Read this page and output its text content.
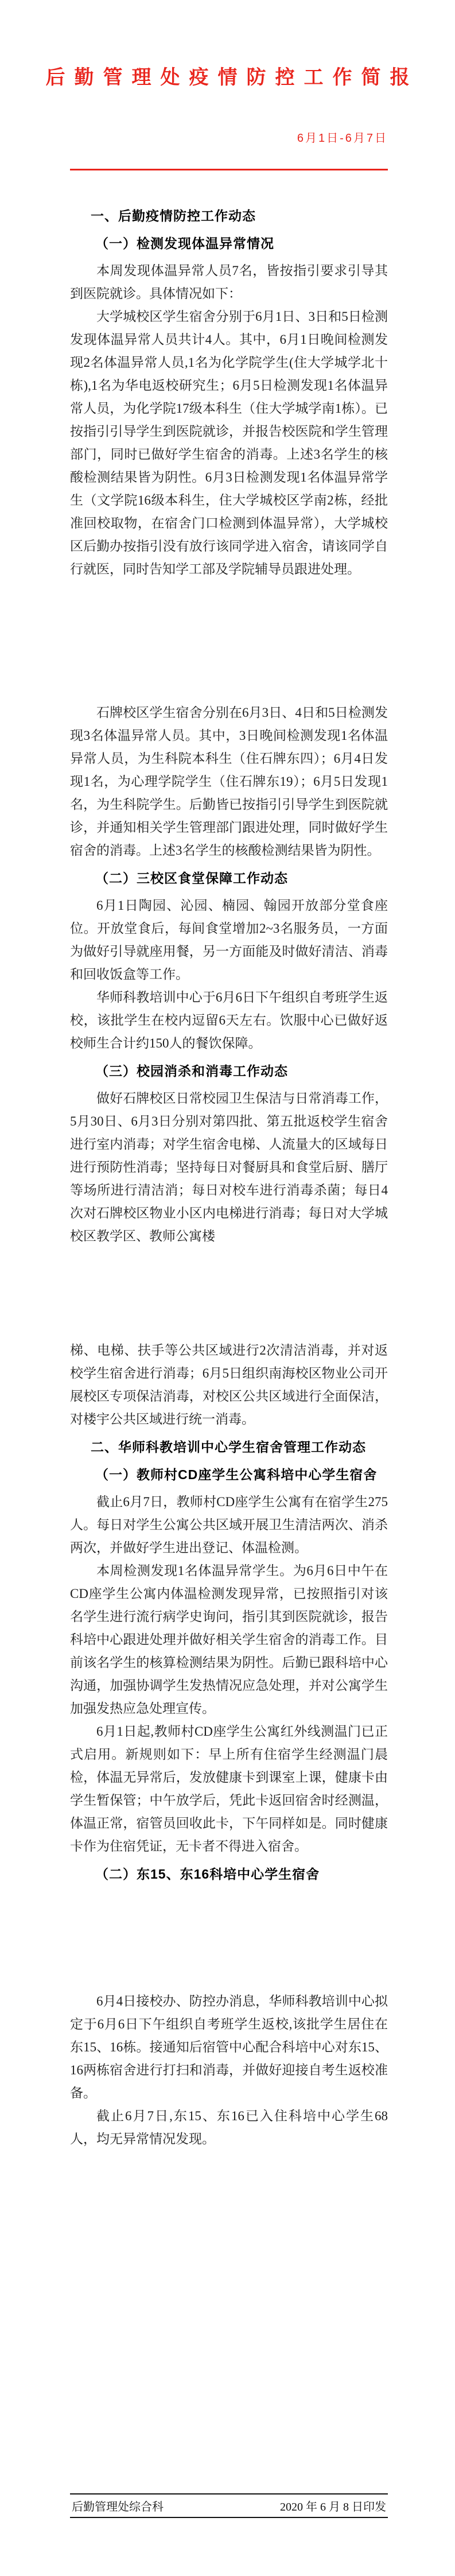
后勤管理处疫情防控工作简报
6月1日-6月7日
一、后勤疫情防控工作动态
（一）检测发现体温异常情况
本周发现体温异常人员7名，皆按指引要求引导其到医院就诊。具体情况如下：
大学城校区学生宿舍分别于6月1日、3日和5日检测发现体温异常人员共计4人。其中，6月1日晚间检测发现2名体温异常人员,1名为化学院学生(住大学城学北十栋),1名为华电返校研究生；6月5日检测发现1名体温异常人员，为化学院17级本科生（住大学城学南1栋）。已按指引引导学生到医院就诊，并报告校医院和学生管理部门，同时已做好学生宿舍的消毒。上述3名学生的核酸检测结果皆为阴性。6月3日检测发现1名体温异常学生（文学院16级本科生，住大学城校区学南2栋，经批准回校取物，在宿舍门口检测到体温异常），大学城校区后勤办按指引没有放行该同学进入宿舍，请该同学自行就医，同时告知学工部及学院辅导员跟进处理。
石牌校区学生宿舍分别在6月3日、4日和5日检测发现3名体温异常人员。其中，3日晚间检测发现1名体温异常人员，为生科院本科生（住石牌东四）；6月4日发现1名，为心理学院学生（住石牌东19）；6月5日发现1名，为生科院学生。后勤皆已按指引引导学生到医院就诊，并通知相关学生管理部门跟进处理，同时做好学生宿舍的消毒。上述3名学生的核酸检测结果皆为阴性。
（二）三校区食堂保障工作动态
6月1日陶园、沁园、楠园、翰园开放部分堂食座位。开放堂食后，每间食堂增加2~3名服务员，一方面为做好引导就座用餐，另一方面能及时做好清洁、消毒和回收饭盒等工作。
华师科教培训中心于6月6日下午组织自考班学生返校，该批学生在校内逗留6天左右。饮服中心已做好返校师生合计约150人的餐饮保障。
（三）校园消杀和消毒工作动态
做好石牌校区日常校园卫生保洁与日常消毒工作，5月30日、6月3日分别对第四批、第五批返校学生宿舍进行室内消毒；对学生宿舍电梯、人流量大的区域每日进行预防性消毒；坚持每日对餐厨具和食堂后厨、膳厅等场所进行清洁消；每日对校车进行消毒杀菌；每日4次对石牌校区物业小区内电梯进行消毒；每日对大学城校区教学区、教师公寓楼
梯、电梯、扶手等公共区域进行2次清洁消毒，并对返校学生宿舍进行消毒；6月5日组织南海校区物业公司开展校区专项保洁消毒，对校区公共区域进行全面保洁，对楼宇公共区域进行统一消毒。
二、华师科教培训中心学生宿舍管理工作动态
（一）教师村CD座学生公寓科培中心学生宿舍
截止6月7日，教师村CD座学生公寓有在宿学生275人。每日对学生公寓公共区域开展卫生清洁两次、消杀两次，并做好学生进出登记、体温检测。
本周检测发现1名体温异常学生。为6月6日中午在CD座学生公寓内体温检测发现异常，已按照指引对该名学生进行流行病学史询问，指引其到医院就诊，报告科培中心跟进处理并做好相关学生宿舍的消毒工作。目前该名学生的核算检测结果为阴性。后勤已跟科培中心沟通，加强协调学生发热情况应急处理，并对公寓学生加强发热应急处理宣传。
6月1日起,教师村CD座学生公寓红外线测温门已正式启用。新规则如下：早上所有住宿学生经测温门晨检，体温无异常后，发放健康卡到课室上课，健康卡由学生暂保管；中午放学后，凭此卡返回宿舍时经测温，体温正常，宿管员回收此卡，下午同样如是。同时健康卡作为住宿凭证，无卡者不得进入宿舍。
（二）东15、东16科培中心学生宿舍
6月4日接校办、防控办消息，华师科教培训中心拟定于6月6日下午组织自考班学生返校,该批学生居住在东15、16栋。接通知后宿管中心配合科培中心对东15、16两栋宿舍进行打扫和消毒，并做好迎接自考生返校准备。
截止6月7日,东15、东16已入住科培中心学生68人，均无异常情况发现。
后勤管理处综合科	2020 年 6 月 8 日印发
